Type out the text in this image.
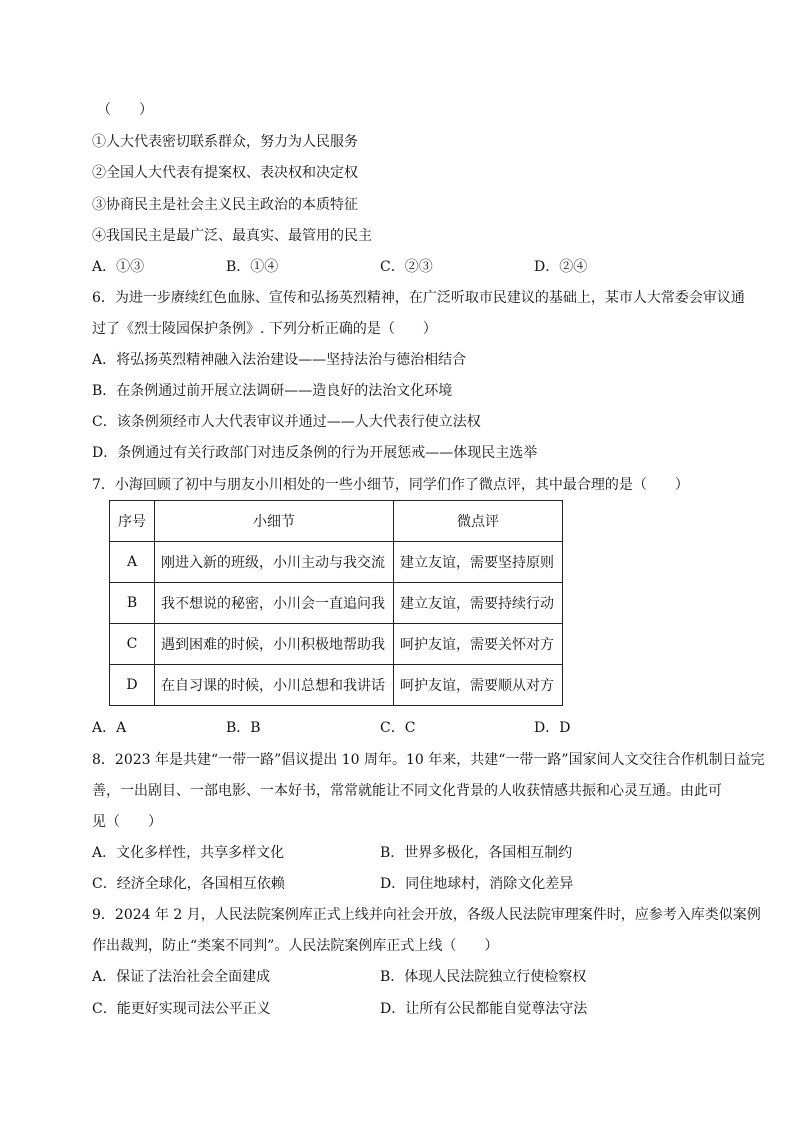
（　　）
①人大代表密切联系群众，努力为人民服务
②全国人大代表有提案权、表决权和决定权
③协商民主是社会主义民主政治的本质特征
④我国民主是最广泛、最真实、最管用的民主
A．①③	B．①④	C．②③	D．②④
6．为进一步赓续红色血脉、宣传和弘扬英烈精神，在广泛听取市民建议的基础上，某市人大常委会审议通
过了《烈士陵园保护条例》. 下列分析正确的是（　　）
A．将弘扬英烈精神融入法治建设——坚持法治与德治相结合
B．在条例通过前开展立法调研——造良好的法治文化环境
C．该条例须经市人大代表审议并通过——人大代表行使立法权
D．条例通过有关行政部门对违反条例的行为开展惩戒——体现民主选举
7．小海回顾了初中与朋友小川相处的一些小细节，同学们作了微点评，其中最合理的是（　　）
序号	小细节	微点评
A	刚进入新的班级，小川主动与我交流	建立友谊，需要坚持原则
B	我不想说的秘密，小川会一直追问我	建立友谊，需要持续行动
C	遇到困难的时候，小川积极地帮助我	呵护友谊，需要关怀对方
D	在自习课的时候，小川总想和我讲话	呵护友谊，需要顺从对方
A．A	B．B	C．C	D．D
8．2023 年是共建“一带一路”倡议提出 10 周年。10 年来，共建“一带一路”国家间人文交往合作机制日益完
善，一出剧目、一部电影、一本好书，常常就能让不同文化背景的人收获情感共振和心灵互通。由此可
见（　　）
A．文化多样性，共享多样文化	B．世界多极化，各国相互制约
C．经济全球化，各国相互依赖	D．同住地球村，消除文化差异
9．2024 年 2 月，人民法院案例库正式上线并向社会开放，各级人民法院审理案件时，应参考入库类似案例
作出裁判，防止“类案不同判”。人民法院案例库正式上线（　　）
A．保证了法治社会全面建成	B．体现人民法院独立行使检察权
C．能更好实现司法公平正义	D．让所有公民都能自觉尊法守法
